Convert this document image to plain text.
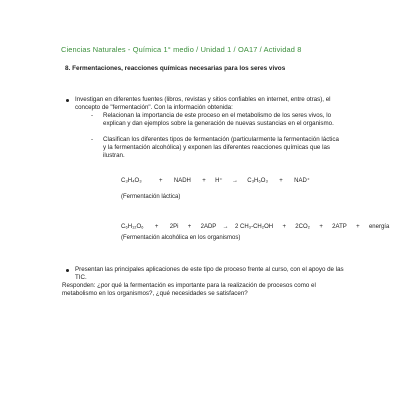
Ciencias Naturales - Química 1° medio / Unidad 1 / OA17 / Actividad 8
8. Fermentaciones, reacciones químicas necesarias para los seres vivos
Investigan en diferentes fuentes (libros, revistas y sitios confiables en internet, entre otras), el concepto de "fermentación". Con la información obtenida:
- Relacionan la importancia de este proceso en el metabolismo de los seres vivos, lo explican y dan ejemplos sobre la generación de nuevas sustancias en el organismo.
- Clasifican los diferentes tipos de fermentación (particularmente la fermentación láctica y la fermentación alcohólica) y exponen las diferentes reacciones químicas que las ilustran.
C₃H₄O₃	+ NADH + H⁺ → C₃H₆O₃ + NAD⁺
(Fermentación láctica)
C₆H₁₂O₆ + 2Pi + 2ADP → 2 CH₃-CH₂OH + 2CO₂ + 2ATP + energía
(Fermentación alcohólica en los organismos)
Presentan las principales aplicaciones de este tipo de proceso frente al curso, con el apoyo de las TIC.
Responden: ¿por qué la fermentación es importante para la realización de procesos como el metabolismo en los organismos?, ¿qué necesidades se satisfacen?
